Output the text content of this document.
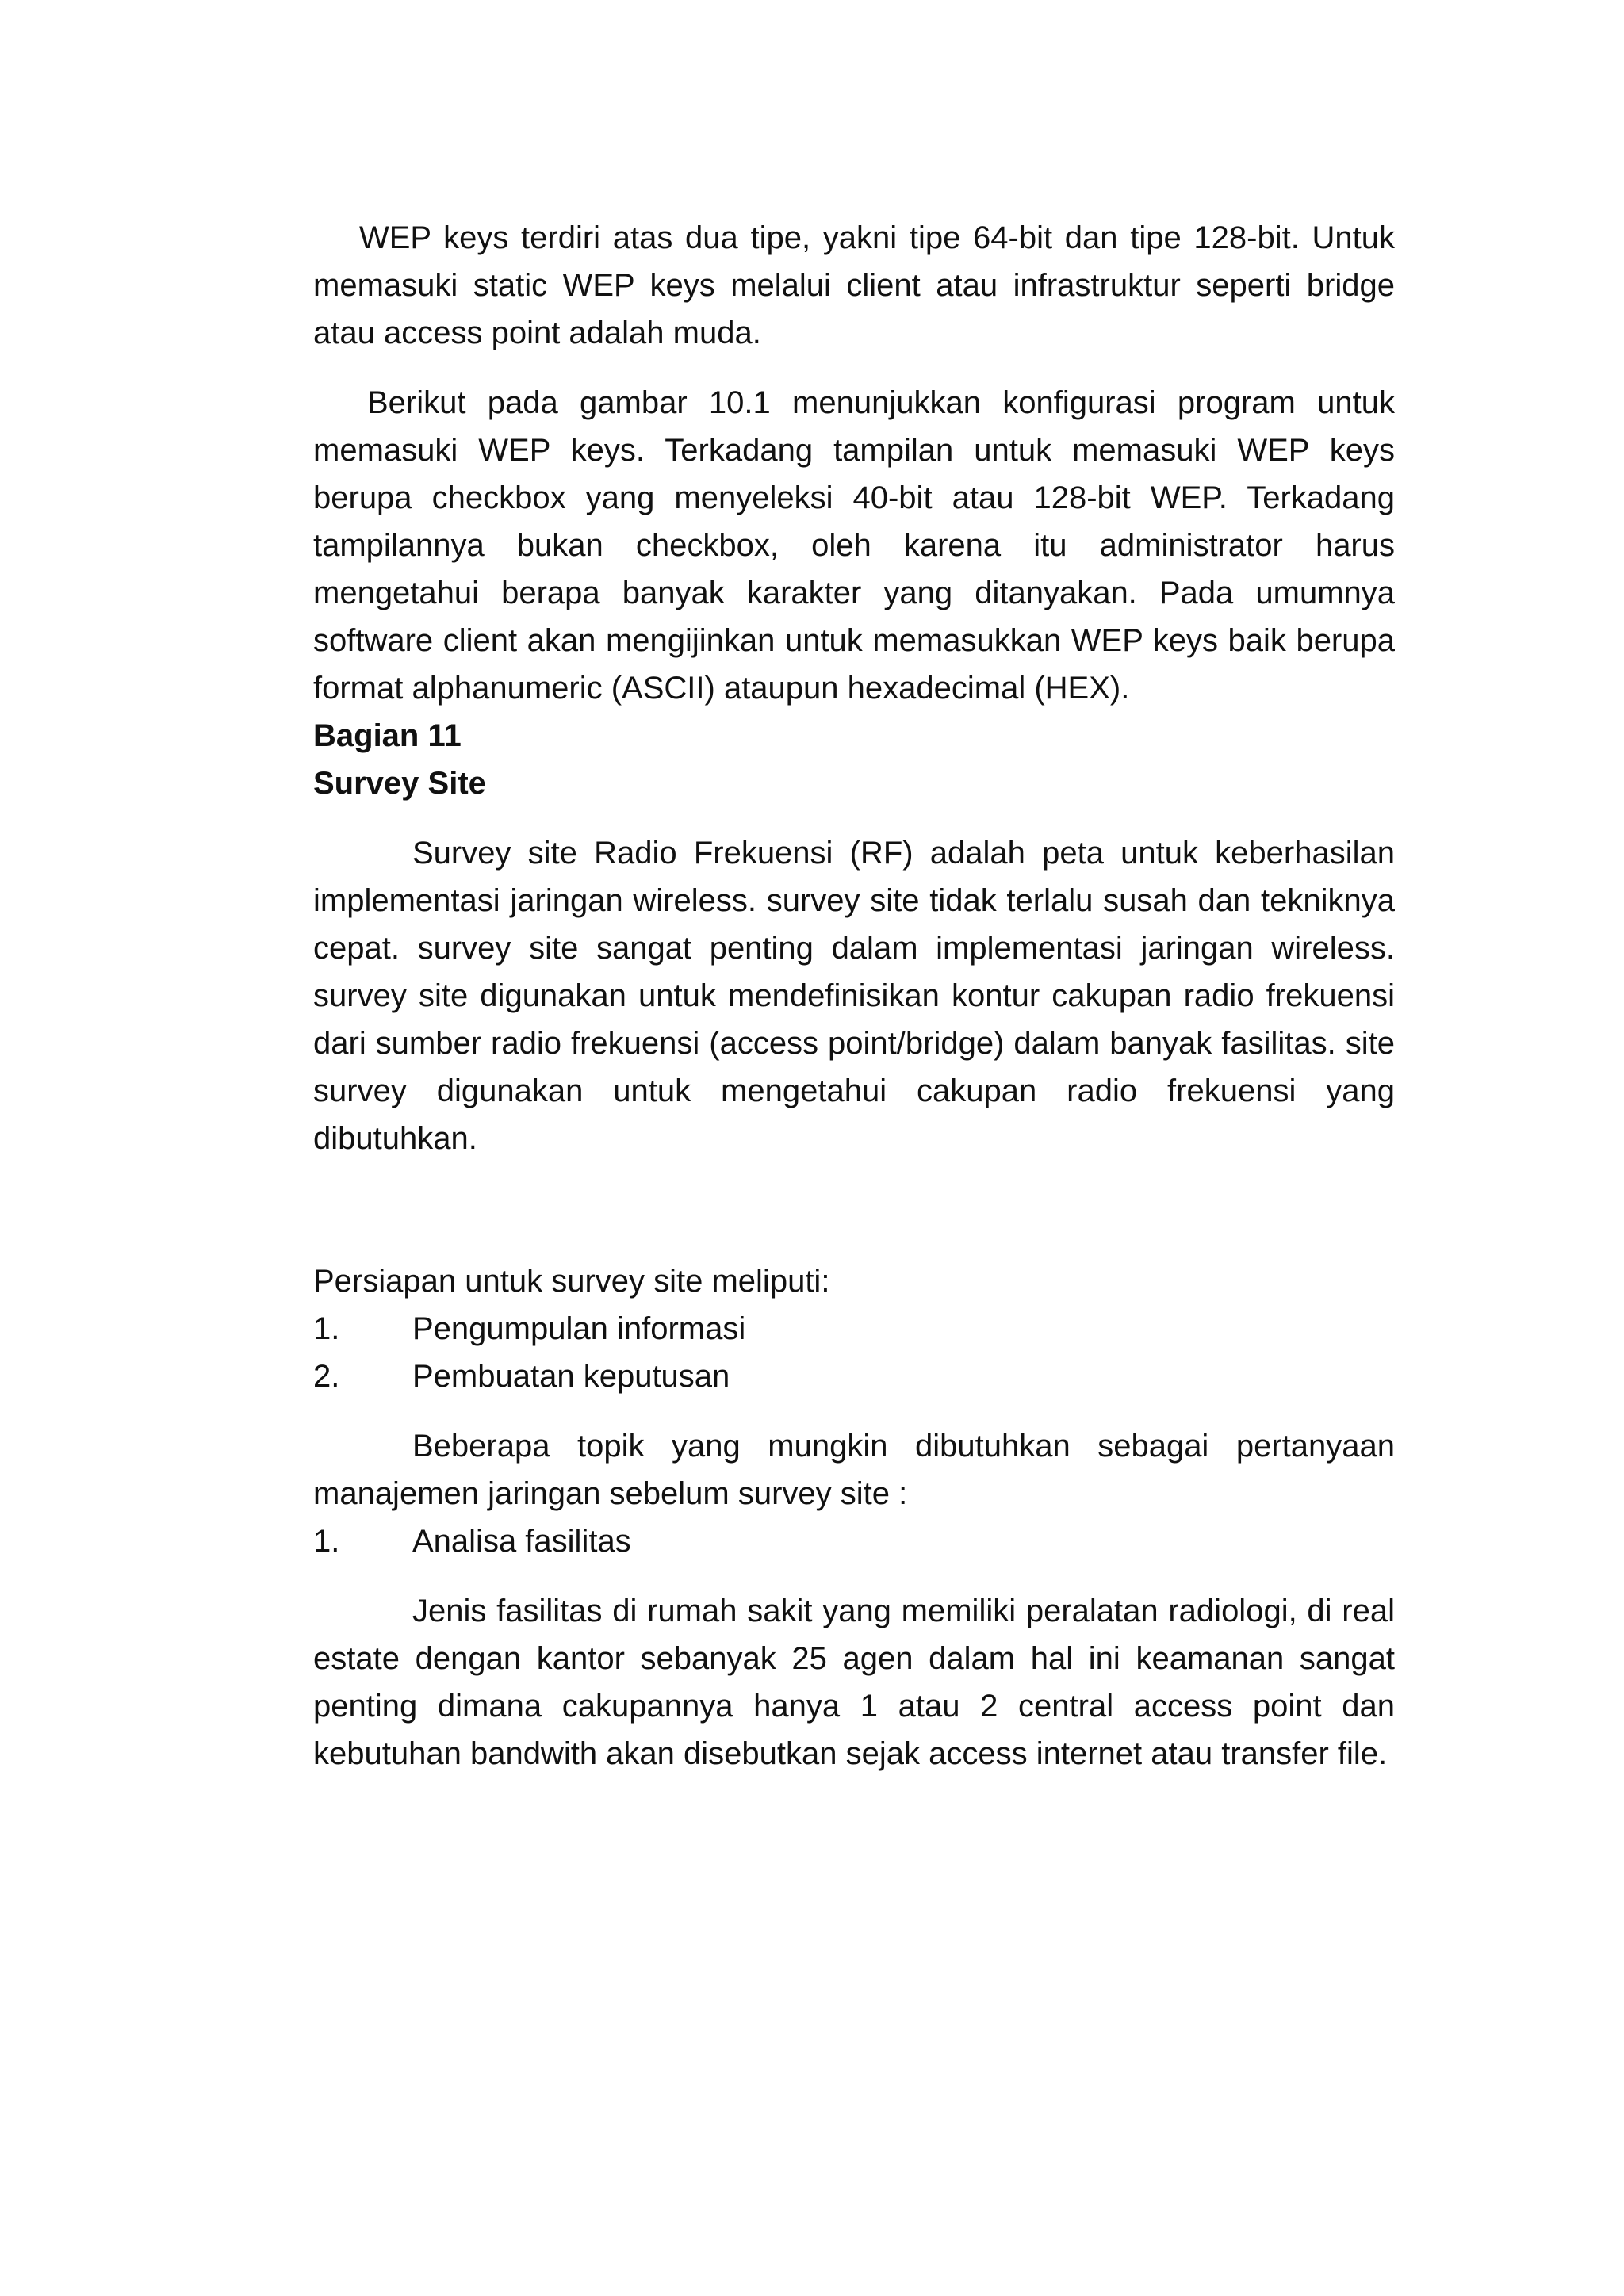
WEP keys terdiri atas dua tipe, yakni tipe 64-bit dan tipe 128-bit. Untuk memasuki static WEP keys melalui client atau infrastruktur seperti bridge atau access point adalah muda.

Berikut pada gambar 10.1 menunjukkan konfigurasi program untuk memasuki WEP keys. Terkadang tampilan untuk memasuki WEP keys berupa checkbox yang menyeleksi 40-bit atau 128-bit WEP. Terkadang tampilannya bukan checkbox, oleh karena itu administrator harus mengetahui berapa banyak karakter yang ditanyakan. Pada umumnya software client akan mengijinkan untuk memasukkan WEP keys baik berupa format alphanumeric (ASCII) ataupun hexadecimal (HEX).

Bagian 11

Survey Site

Survey site Radio Frekuensi (RF) adalah peta untuk keberhasilan implementasi jaringan wireless. survey site tidak terlalu susah dan tekniknya cepat. survey site sangat penting dalam implementasi jaringan wireless. survey site digunakan untuk mendefinisikan kontur cakupan radio frekuensi dari sumber radio frekuensi (access point/bridge) dalam banyak fasilitas. site survey digunakan untuk mengetahui cakupan radio frekuensi yang dibutuhkan.

Persiapan untuk survey site meliputi:

1.	Pengumpulan informasi
2.	Pembuatan keputusan

Beberapa topik yang mungkin dibutuhkan sebagai pertanyaan manajemen jaringan sebelum survey site :

1.	Analisa fasilitas

Jenis fasilitas di rumah sakit yang memiliki peralatan radiologi, di real estate dengan kantor sebanyak 25 agen dalam hal ini keamanan sangat penting dimana cakupannya hanya 1 atau 2 central access point dan kebutuhan bandwith akan disebutkan sejak access internet atau transfer file.
